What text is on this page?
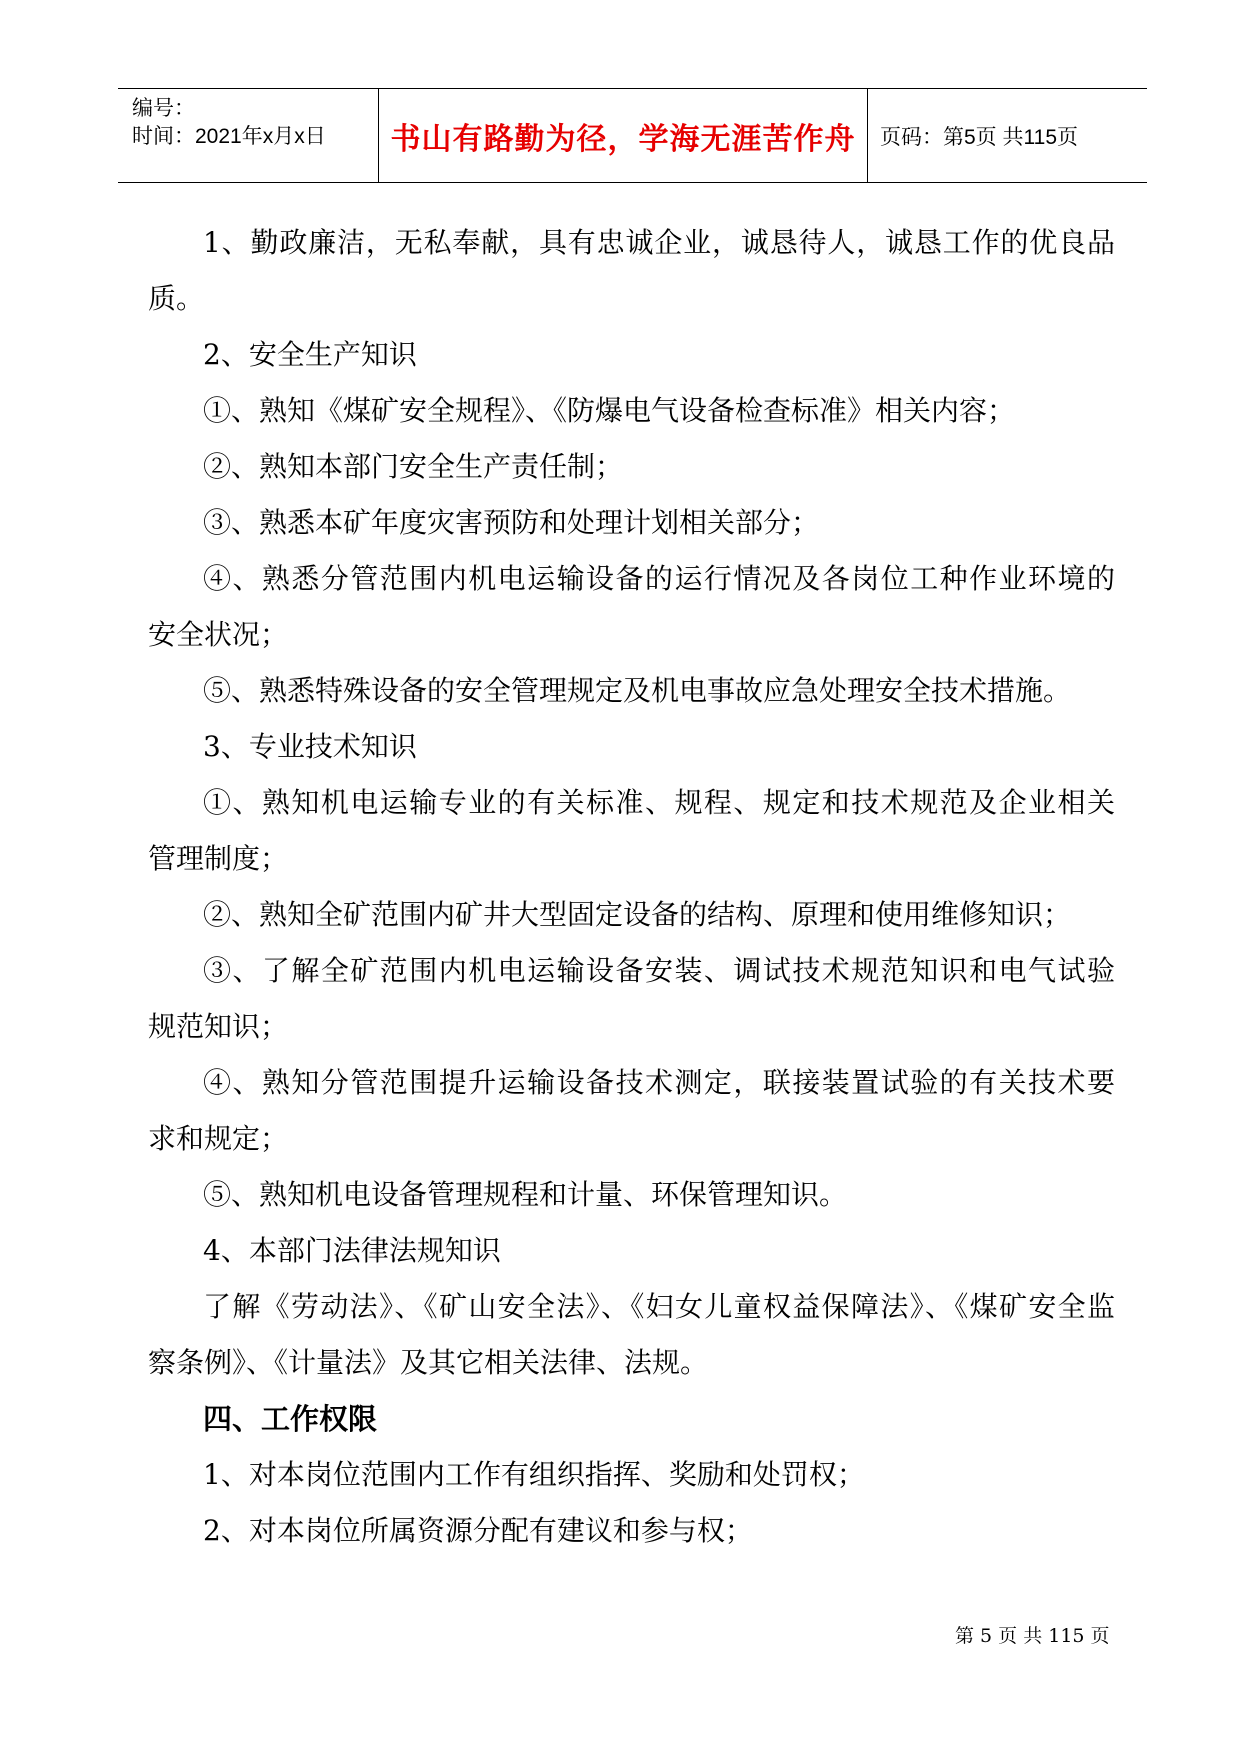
编号：
时间：2021年x月x日 书山有路勤为径，学海无涯苦作舟	页码：第5页 共115页
1、勤政廉洁，无私奉献，具有忠诚企业，诚恳待人，诚恳工作的优良品
质。
2、安全生产知识
①、熟知《煤矿安全规程》、《防爆电气设备检查标准》相关内容；
②、熟知本部门安全生产责任制；
③、熟悉本矿年度灾害预防和处理计划相关部分；
④、熟悉分管范围内机电运输设备的运行情况及各岗位工种作业环境的
安全状况；
⑤、熟悉特殊设备的安全管理规定及机电事故应急处理安全技术措施。
3、专业技术知识
①、熟知机电运输专业的有关标准、规程、规定和技术规范及企业相关
管理制度；
②、熟知全矿范围内矿井大型固定设备的结构、原理和使用维修知识；
③、了解全矿范围内机电运输设备安装、调试技术规范知识和电气试验
规范知识；
④、熟知分管范围提升运输设备技术测定，联接装置试验的有关技术要
求和规定；
⑤、熟知机电设备管理规程和计量、环保管理知识。
4、本部门法律法规知识
了解《劳动法》、《矿山安全法》、《妇女儿童权益保障法》、《煤矿安全监
察条例》、《计量法》及其它相关法律、法规。
四、工作权限
1、对本岗位范围内工作有组织指挥、奖励和处罚权；
2、对本岗位所属资源分配有建议和参与权；
第 5 页 共 115 页
